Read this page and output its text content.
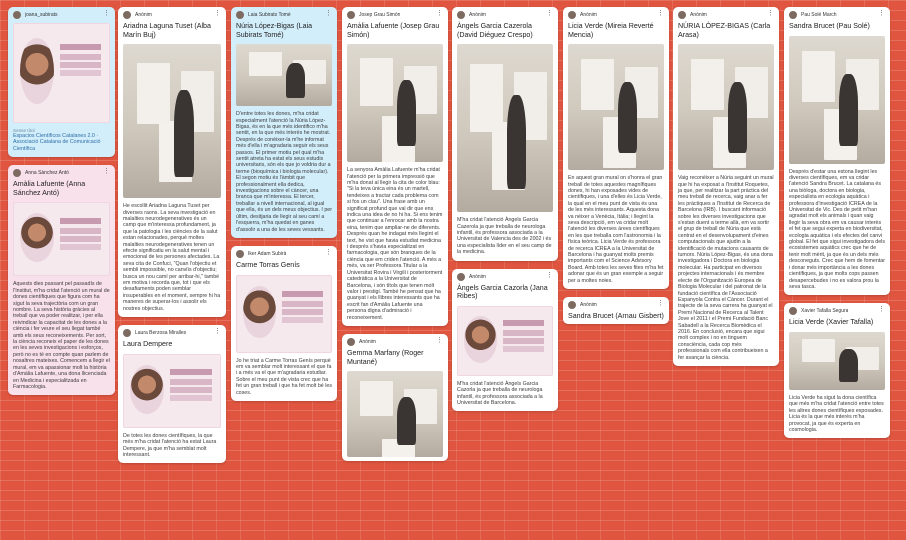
joana_subirats	⋮
Sense títol
Espacios Científicos Catalanes 2.0 · Associació Catalana de Comunicació Científica
Anna Sànchez Antó	⋮
Amàlia Lafuente (Anna Sánchez Antó)
Aquests dies passant pel passadís de l'Institut, m'ha cridat l'atenció un mural de dones científiques que figura com ha sigut la seva trajectòria com un gran nombre. La seva història gràcies al treball que va poder realitzar, i per ella reivindicar la capacitat de les dones a la ciència i fer veure el seu llegat també amb els seus reconeixements. Per sort, la ciència reconeix el paper de les dones en les seves investigacions i esforços, però no es té en compte quan parlem de nosaltres mateixes. Comencem a llegir el mural, em va apassionar molt la història d'Amàlia Lafuente, una dona llicenciada en Medicina i especialitzada en Farmacologia.
Anònim	⋮
Ariadna Laguna Tuset (Alba Marín Buj)
He escollit Ariadna Laguna Tuset per diverses raons. La seva investigació en malalties neurodegeneratives és un camp que m'interessa profundament, ja que la patologia i les ciències de la salut estan relacionades, perquè moltes malalties neurodegeneratives tenen un efecte significatiu en la salut mental i emocional de les persones afectades. La seva cita de Confuci, "Quan l'objectiu et sembli impossible, no canviïs d'objectiu; busca un nou camí per arribar-hi," també em motiva i recorda que, tot i que els desafiaments poden semblar insuperables en el moment, sempre hi ha maneres de superar-los i assolir els nostres objectius.
Laura Berzosa Miralles	⋮
Laura Dempere
De totes les dones científiques, la que més m'ha cridat l'atenció ha estat Laura Dempere, ja que m'ha semblat molt interessant.
Laia Subirats Tomé	⋮
Núria López-Bigas (Laia Subirats Tomé)
D'entre totes les dones, m'ha cridat especialment l'atenció la Núria López-Bigas, és en la que més identifico m'ha sentit, en la que més interès he mostrat. Després de conèixer-la m'he informat més d'ella i m'agradaria seguir els seus passos. El primer motiu pel qual m'ha sentit atreta ha estat els seus estudis universitaris, són els que jo voldria dur a terme (bioquímica i biologia molecular). El segon motiu és l'àmbit que professionalment ella dedica, investigacions sobre el càncer, una branca que m'interessa. El tercer, treballar a nivell internacional, al igual que ella, és un dels meus objectius. I per últim, desitjaria de llegir al seu camí a l'esquerra, m'ha quedat en ganes d'assolir a una de les seves vessants.
Iker Adam Subirà	⋮
Carme Torras Genís
Jo he triat a Carme Torras Genís perquè em va semblar molt interessant el que fa i a més va el que m'agradaria estudiar. Sobre el meu punt de vista crec que ha fet un gran treball i que ha fet molt bé les coses.
Josep Grau Simón	⋮
Amàlia Lafuente (Josep Grau Simón)
La senyora Amàlia Lafuente m'ha cridat l'atenció per la primera impressió que m'ha donat al llegir la cita de color blau: "Si la teva única eina és un martell, tendeixes a tractar cada problema com si fos un clau". Una frase amb un significat profund que val dir que ens indica una idea de no hi ha. Si ens tenim que continuar a l'enrocar amb la nostra eina, tenim que ampliar-ne de diferents. Després quan he indagat més llegint el text, he vist que havia estudiat medicina i després s'havia especialitzat en farmacologia, que són branques de la ciència que em criden l'atenció. A més a més, va ser Professora Titular a la Universitat Rovira i Virgili i posteriorment catedràtica a la Universitat de Barcelona, i són títols que tenen molt valor i prestigi. També he pensat que ha guanyat i els llibres interessants que ha escrit fan d'Amàlia Lafuente una persona digna d'admiració i reconeixement.
Anònim	⋮
Gemma Marfany (Roger Muntané)
Anònim	⋮
Àngels Garcia Cazerola (David Diéguez Crespo)
M'ha cridat l'atenció Àngels Garcia Cazerola ja que treballa de neurologa infantil, és professora associada a la Universitat de Valencia des de 2002 i és una especialista líder en el seu camp de la medicina.
Anònim	⋮
Àngels Garcia Cazorla (Jana Ribes)
M'ha cridat l'atenció Àngels Garcia Cazorla ja que treballa de neurologa infantil, és professora associada a la Universitat de Barcelona.
Anònim	⋮
Licia Verde (Mireia Reverté Mencia)
En aquest gran mural on s'honra el gran treball de totes aquestes magnífiques dones, hi han exposades vides de científiques, i una d'elles és Licia Verde, la qual en el meu punt de vista és una de les més interessants. Aquesta dona va néixer a Venècia, Itàlia; i llegint la seva descripció, em va cridar molt l'atenció les diverses àrees científiques en les que treballa com l'astronomia i la física teòrica. Licia Verde és professora de recerca ICREA a la Universitat de Barcelona i ha guanyat molts premis importants com el Science Advisory Board. Amb totes les seves fites m'ha fet adonar que és un gran exemple a seguir per a moltes noies.
Anònim	⋮
Sandra Brucet (Arnau Gisbert)
Anònim	⋮
NÚRIA LÓPEZ-BIGAS (Carla Arasa)
Vaig reconèixer a Núria seguint un mural que hi ha exposat a l'Institut Roquetes, ja que, per realitzar la part pràctica del meu treball de recerca, vaig anar a fer les pràctiques a l'Institut de Recerca de Barcelona (IRB). I buscant informació sobre les diverses investigacions que s'estan duent a terme allà, em va sortir el grup de treball de Núria que està centrat en el desenvolupament d'eines computacionals que ajudin a la identificació de mutacions causants de tumors. Núria López-Bigas, és una dona investigadora i Doctora en biologia molecular. Ha participat en diversos projectes internacionals i és membre electe de l'Organització Europea de Biologia Molecular i del patronat de la fundació científica de l'Associació Espanyola Contra el Càncer. Durant el trajecte de la seva carrera ha guanyat el Premi Nacional de Recerca al Talent Jove el 2011 i el Premi Fundació Banc Sabadell a la Recerca Biomèdica el 2016. En conclusió, encara que sigui molt complex i no en tinguem consciència, cada cop més professionals com ella contribueixen a fer avançar la ciència.
Pau Solé March	⋮
Sandra Brucet (Pau Solé)
Després d'estar una estona llegint les diverses científiques, em va cridar l'atenció Sandra Brucet. La catalana és una biòloga, doctora en biologia, especialista en ecologia aquàtica i professora d'investigació ICREA de la Universitat de Vic. Des de petit m'han agradat molt els animals i quan vaig llegir la seva obra em va causar interès el fet que segui experta en biodiversitat, ecologia aquàtica i els efectes del canvi global. El fet que sigui investigadora dels ecosistemes aquàtics crec que he de tenir molt mèrit, ja que és un dels més desconeguts. Crec que hem de fomentar i donar més importància a les dones científiques, ja que molts cops passen desapercebudes i no es valora prou la seva tasca.
Xavier Tafalla Segura	⋮
Licia Verde (Xavier Tafalla)
Licia Verde ha sigut la dona científica que més m'ha cridat l'atenció entre totes les altres dones científiques exposades. Licia és la que més interès m'ha provocat, ja que és experta en cosmologia.
